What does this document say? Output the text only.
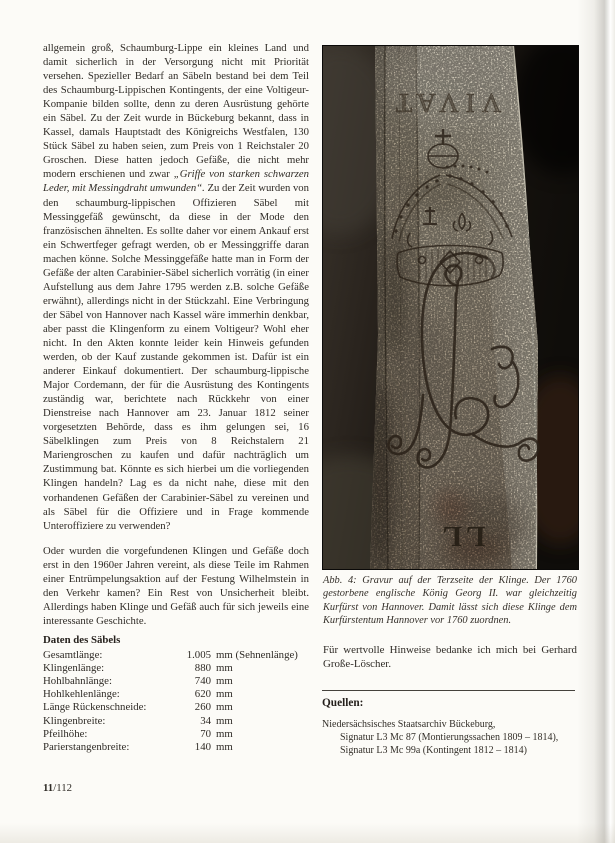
allgemein groß, Schaumburg-Lippe ein kleines Land und damit sicherlich in der Versorgung nicht mit Priorität versehen. Spezieller Bedarf an Säbeln bestand bei dem Teil des Schaumburg-Lippischen Kontingents, der eine Voltigeur-Kompanie bilden sollte, denn zu deren Ausrüstung gehörte ein Säbel. Zu der Zeit wurde in Bückeburg bekannt, dass in Kassel, damals Hauptstadt des Königreichs Westfalen, 130 Stück Säbel zu haben seien, zum Preis von 1 Reichstaler 20 Groschen. Diese hatten jedoch Gefäße, die nicht mehr modern erschienen und zwar „Griffe von starken schwarzen Leder, mit Messingdraht umwunden“. Zu der Zeit wurden von den schaumburg-lippischen Offizieren Säbel mit Messinggefäß gewünscht, da diese in der Mode den französischen ähnelten. Es sollte daher vor einem Ankauf erst ein Schwertfeger gefragt werden, ob er Messinggriffe daran machen könne. Solche Messinggefäße hatte man in Form der Gefäße der alten Carabinier-Säbel sicherlich vorrätig (in einer Aufstellung aus dem Jahre 1795 werden z.B. solche Gefäße erwähnt), allerdings nicht in der Stückzahl. Eine Verbringung der Säbel von Hannover nach Kassel wäre immerhin denkbar, aber passt die Klingenform zu einem Voltigeur? Wohl eher nicht. In den Akten konnte leider kein Hinweis gefunden werden, ob der Kauf zustande gekommen ist. Dafür ist ein anderer Einkauf dokumentiert. Der schaumburg-lippische Major Cordemann, der für die Ausrüstung des Kontingents zuständig war, berichtete nach Rückkehr von einer Dienstreise nach Hannover am 23. Januar 1812 seiner vorgesetzten Behörde, dass es ihm gelungen sei, 16 Säbelklingen zum Preis von 8 Reichstalern 21 Mariengroschen zu kaufen und dafür nachträglich um Zustimmung bat. Könnte es sich hierbei um die vorliegenden Klingen handeln? Lag es da nicht nahe, diese mit den vorhandenen Gefäßen der Carabinier-Säbel zu vereinen und als Säbel für die Offiziere und in Frage kommende Unteroffiziere zu verwenden?

Oder wurden die vorgefundenen Klingen und Gefäße doch erst in den 1960er Jahren vereint, als diese Teile im Rahmen einer Entrümpelungsaktion auf der Festung Wilhelmstein in den Verkehr kamen? Ein Rest von Unsicherheit bleibt. Allerdings haben Klinge und Gefäß auch für sich jeweils eine interessante Geschichte.

Daten des Säbels
Gesamtlänge:	1.005 mm (Sehnenlänge)
Klingenlänge:	880 mm
Hohlbahnlänge:	740 mm
Hohlkehlenlänge:	620 mm
Länge Rückenschneide:	260 mm
Klingenbreite:	34 mm
Pfeilhöhe:	70 mm
Parierstangenbreite:	140 mm
11/112
VIVAT
LL
Abb. 4: Gravur auf der Terzseite der Klinge. Der 1760 gestorbene englische König Georg II. war gleichzeitig Kurfürst von Hannover. Damit lässt sich diese Klinge dem Kurfürstentum Hannover vor 1760 zuordnen.
Für wertvolle Hinweise bedanke ich mich bei Gerhard Große-Löscher.
Quellen:
Niedersächsisches Staatsarchiv Bückeburg,
Signatur L3 Mc 87 (Montierungssachen 1809 – 1814),
Signatur L3 Mc 99a (Kontingent 1812 – 1814)
